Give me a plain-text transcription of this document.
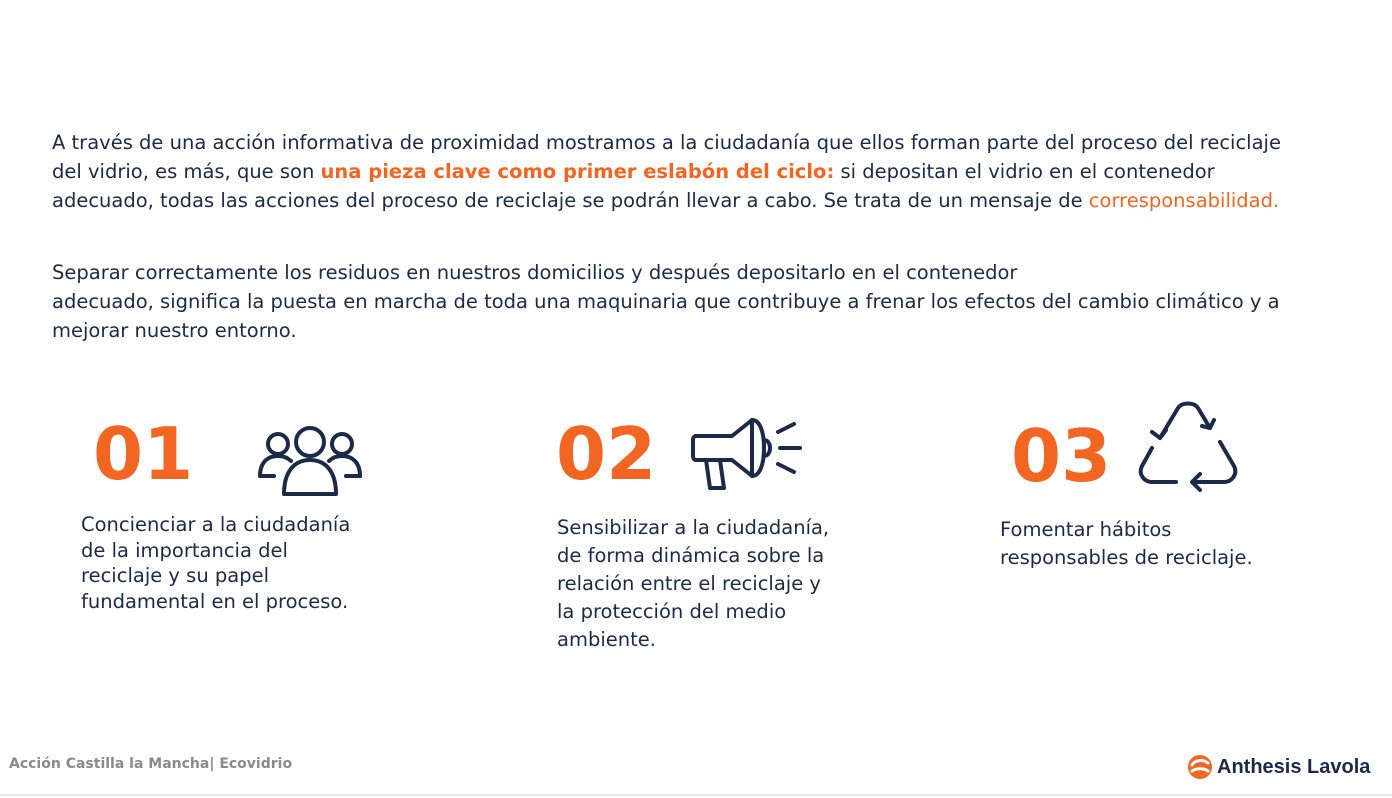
A través de una acción informativa de proximidad mostramos a la ciudadanía que ellos forman parte del proceso del reciclaje del vidrio, es más, que son una pieza clave como primer eslabón del ciclo: si depositan el vidrio en el contenedor adecuado, todas las acciones del proceso de reciclaje se podrán llevar a cabo. Se trata de un mensaje de corresponsabilidad.

Separar correctamente los residuos en nuestros domicilios y después depositarlo en el contenedor
adecuado, significa la puesta en marcha de toda una maquinaria que contribuye a frenar los efectos del cambio climático y a mejorar nuestro entorno.

01

Concienciar a la ciudadanía
de la importancia del
reciclaje y su papel
fundamental en el proceso.

02

Sensibilizar a la ciudadanía,
de forma dinámica sobre la
relación entre el reciclaje y
la protección del medio
ambiente.

03

Fomentar hábitos
responsables de reciclaje.

Acción Castilla la Mancha| Ecovidrio	Anthesis Lavola
